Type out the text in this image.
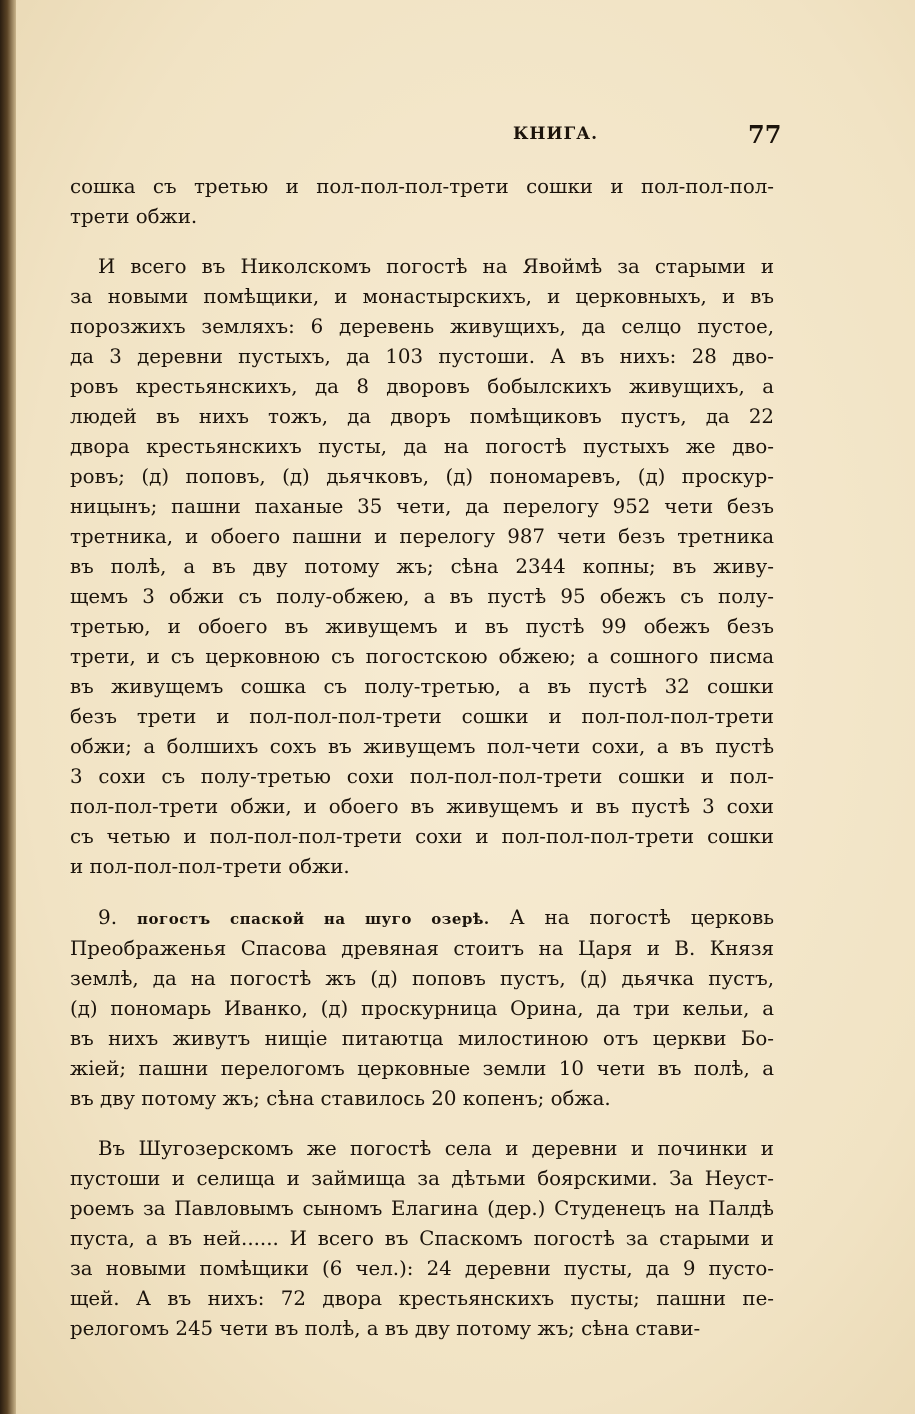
КНИГА.	77

сошка съ третью и пол-пол-пол-трети сошки и пол-пол-пол-
трети обжи.

И всего въ Николскомъ погостѣ на Явоймѣ за старыми и
за новыми помѣщики, и монастырскихъ, и церковныхъ, и въ
порозжихъ земляхъ: 6 деревень живущихъ, да селцо пустое,
да 3 деревни пустыхъ, да 103 пустоши. А въ нихъ: 28 дво-
ровъ крестьянскихъ, да 8 дворовъ бобылскихъ живущихъ, а
людей въ нихъ тожъ, да дворъ помѣщиковъ пустъ, да 22
двора крестьянскихъ пусты, да на погостѣ пустыхъ же дво-
ровъ; (д) поповъ, (д) дьячковъ, (д) пономаревъ, (д) проскур-
ницынъ; пашни паханые 35 чети, да перелогу 952 чети безъ
третника, и обоего пашни и перелогу 987 чети безъ третника
въ полѣ, а въ дву потому жъ; сѣна 2344 копны; въ живу-
щемъ 3 обжи съ полу-обжею, а въ пустѣ 95 обежъ съ полу-
третью, и обоего въ живущемъ и въ пустѣ 99 обежъ безъ
трети, и съ церковною съ погостскою обжею; а сошного писма
въ живущемъ сошка съ полу-третью, а въ пустѣ 32 сошки
безъ трети и пол-пол-пол-трети сошки и пол-пол-пол-трети
обжи; а болшихъ сохъ въ живущемъ пол-чети сохи, а въ пустѣ
3 сохи съ полу-третью сохи пол-пол-пол-трети сошки и пол-
пол-пол-трети обжи, и обоего въ живущемъ и въ пустѣ 3 сохи
съ четью и пол-пол-пол-трети сохи и пол-пол-пол-трети сошки
и пол-пол-пол-трети обжи.

9. погостъ спаской на шуго озерѣ. А на погостѣ церковь
Преображенья Спасова древяная стоитъ на Царя и В. Князя
землѣ, да на погостѣ жъ (д) поповъ пустъ, (д) дьячка пустъ,
(д) пономарь Иванко, (д) проскурница Орина, да три кельи, а
въ нихъ живутъ нищіе питаютца милостиною отъ церкви Бо-
жіей; пашни перелогомъ церковные земли 10 чети въ полѣ, а
въ дву потому жъ; сѣна ставилось 20 копенъ; обжа.

Въ Шугозерскомъ же погостѣ села и деревни и починки и
пустоши и селища и займища за дѣтьми боярскими. За Неуст-
роемъ за Павловымъ сыномъ Елагина (дер.) Студенецъ на Палдѣ
пуста, а въ ней...... И всего въ Спаскомъ погостѣ за старыми и
за новыми помѣщики (6 чел.): 24 деревни пусты, да 9 пусто-
щей. А въ нихъ: 72 двора крестьянскихъ пусты; пашни пе-
релогомъ 245 чети въ полѣ, а въ дву потому жъ; сѣна стави-
